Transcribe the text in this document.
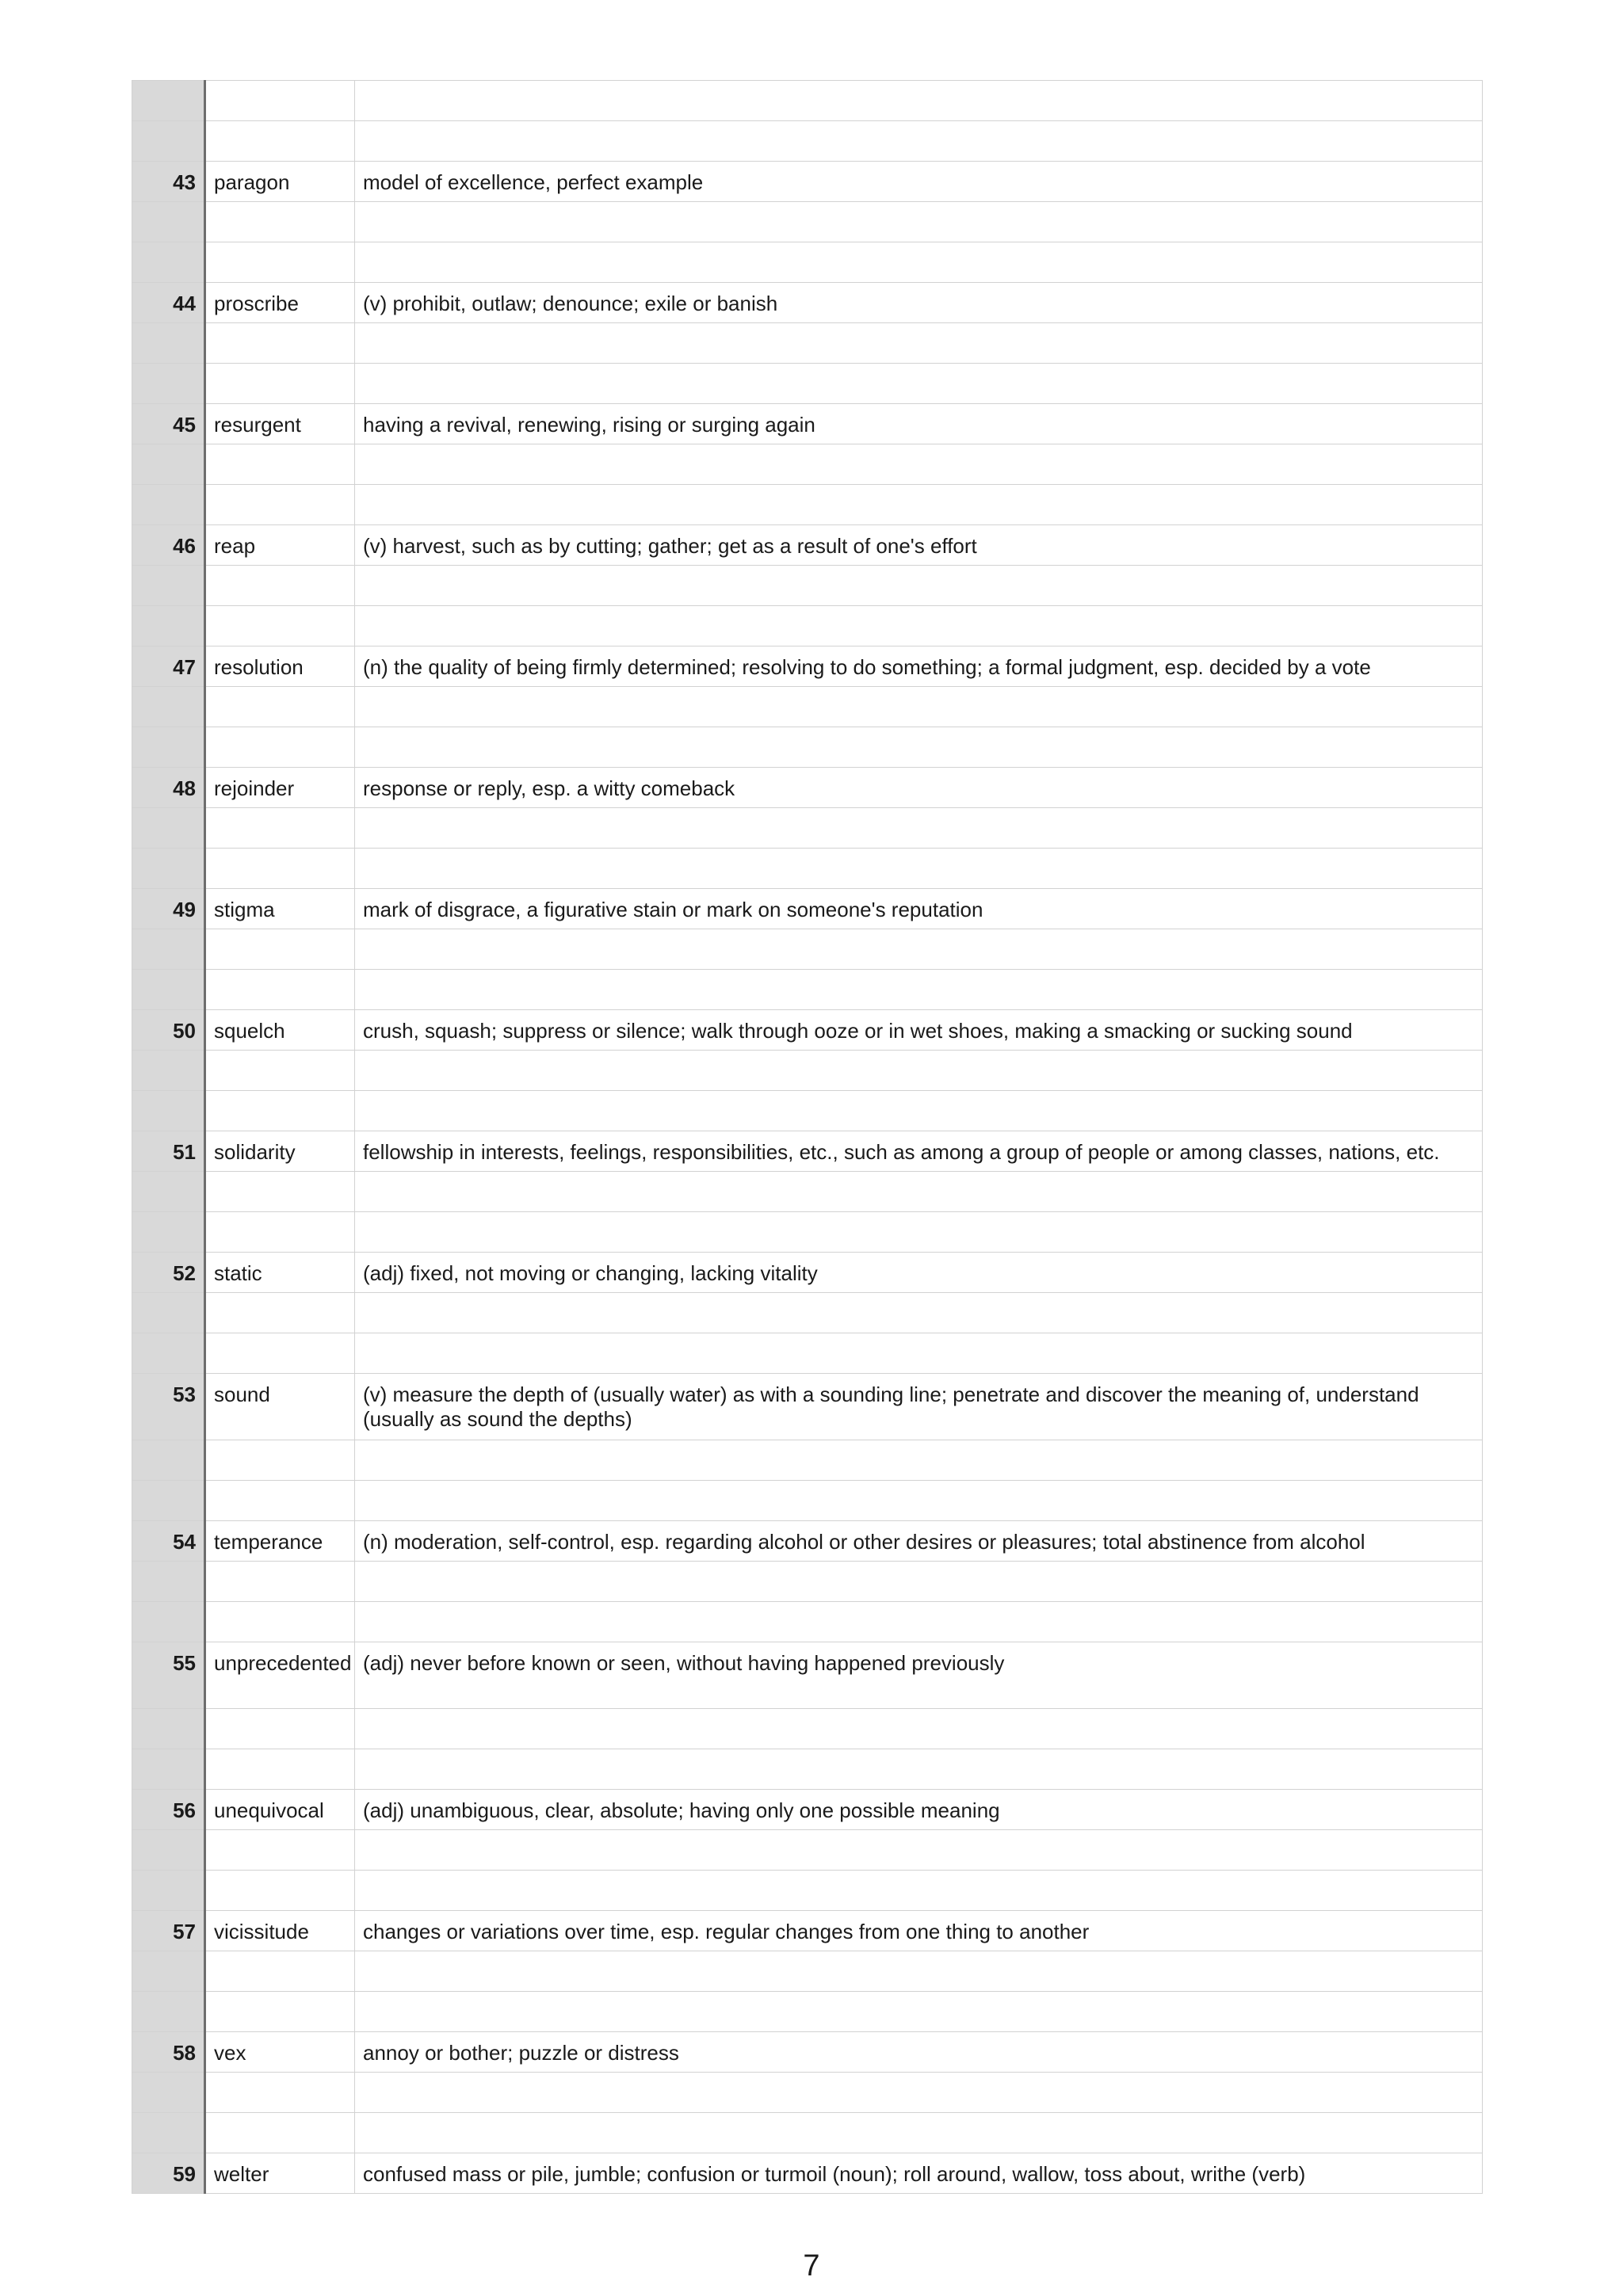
43	paragon	model of excellence, perfect example

44	proscribe	(v) prohibit, outlaw; denounce; exile or banish

45	resurgent	having a revival, renewing, rising or surging again

46	reap	(v) harvest, such as by cutting; gather; get as a result of one's effort

47	resolution	(n) the quality of being firmly determined; resolving to do something; a formal judgment, esp. decided by a vote

48	rejoinder	response or reply, esp. a witty comeback

49	stigma	mark of disgrace, a figurative stain or mark on someone's reputation

50	squelch	crush, squash; suppress or silence; walk through ooze or in wet shoes, making a smacking or sucking sound

51	solidarity	fellowship in interests, feelings, responsibilities, etc., such as among a group of people or among classes, nations, etc.

52	static	(adj) fixed, not moving or changing, lacking vitality

53	sound	(v) measure the depth of (usually water) as with a sounding line; penetrate and discover the meaning of, understand (usually as sound the depths)

54	temperance	(n) moderation, self-control, esp. regarding alcohol or other desires or pleasures; total abstinence from alcohol

55	unprecedented	(adj) never before known or seen, without having happened previously

56	unequivocal	(adj) unambiguous, clear, absolute; having only one possible meaning

57	vicissitude	changes or variations over time, esp. regular changes from one thing to another

58	vex	annoy or bother; puzzle or distress

59	welter	confused mass or pile, jumble; confusion or turmoil (noun); roll around, wallow, toss about, writhe (verb)
7
